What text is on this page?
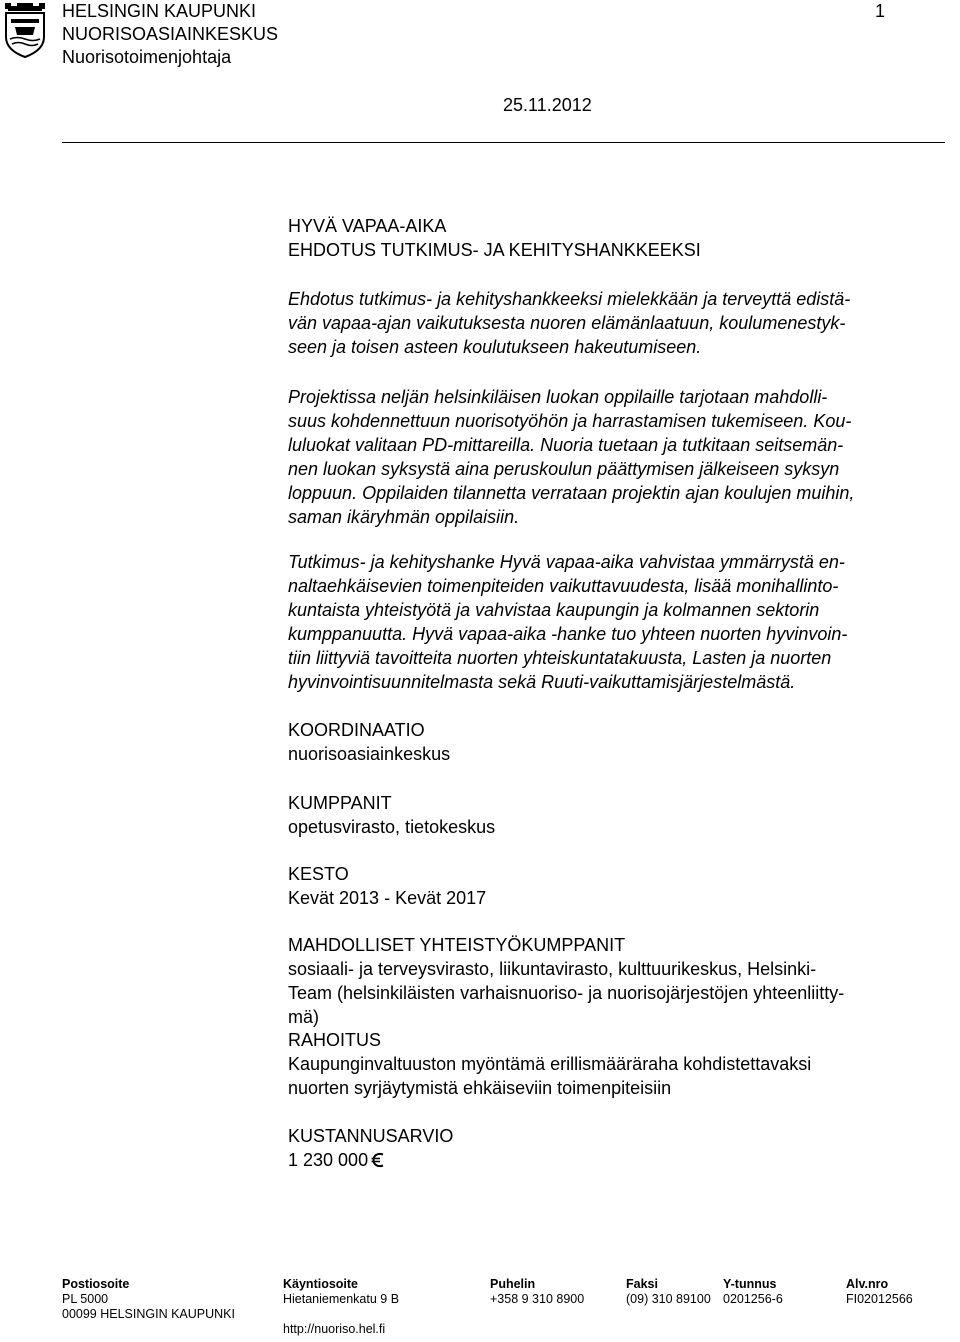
HELSINGIN KAUPUNKI
NUORISOASIAINKESKUS
Nuorisotoimenjohtaja
1
25.11.2012
HYVÄ VAPAA-AIKA
EHDOTUS TUTKIMUS- JA KEHITYSHANKKEEKSI
Ehdotus tutkimus- ja kehityshankkeeksi mielekkään ja terveyttä edistä-
vän vapaa-ajan vaikutuksesta nuoren elämänlaatuun, koulumenestyk-
seen ja toisen asteen koulutukseen hakeutumiseen.
Projektissa neljän helsinkiläisen luokan oppilaille tarjotaan mahdolli-
suus kohdennettuun nuorisotyöhön ja harrastamisen tukemiseen. Kou-
luluokat valitaan PD-mittareilla. Nuoria tuetaan ja tutkitaan seitsemän-
nen luokan syksystä aina peruskoulun päättymisen jälkeiseen syksyn
loppuun. Oppilaiden tilannetta verrataan projektin ajan koulujen muihin,
saman ikäryhmän oppilaisiin.
Tutkimus- ja kehityshanke Hyvä vapaa-aika vahvistaa ymmärrystä en-
naltaehkäisevien toimenpiteiden vaikuttavuudesta, lisää monihallinto-
kuntaista yhteistyötä ja vahvistaa kaupungin ja kolmannen sektorin
kumppanuutta. Hyvä vapaa-aika -hanke tuo yhteen nuorten hyvinvoin-
tiin liittyviä tavoitteita nuorten yhteiskuntatakuusta, Lasten ja nuorten
hyvinvointisuunnitelmasta sekä Ruuti-vaikuttamisjärjestelmästä.
KOORDINAATIO
nuorisoasiainkeskus
KUMPPANIT
opetusvirasto, tietokeskus
KESTO
Kevät 2013 - Kevät 2017
MAHDOLLISET YHTEISTYÖKUMPPANIT
sosiaali- ja terveysvirasto, liikuntavirasto, kulttuurikeskus, Helsinki-
Team (helsinkiläisten varhaisnuoriso- ja nuorisojärjestöjen yhteenliitty-
mä)
RAHOITUS
Kaupunginvaltuuston myöntämä erillismääräraha kohdistettavaksi
nuorten syrjäytymistä ehkäiseviin toimenpiteisiin
KUSTANNUSARVIO
1 230 000
Postiosoite
PL 5000
00099 HELSINGIN KAUPUNKI
Käyntiosoite
Hietaniemenkatu 9 B
http://nuoriso.hel.fi
Puhelin
+358 9 310 8900
Faksi
(09) 310 89100
Y-tunnus
0201256-6
Alv.nro
FI02012566
